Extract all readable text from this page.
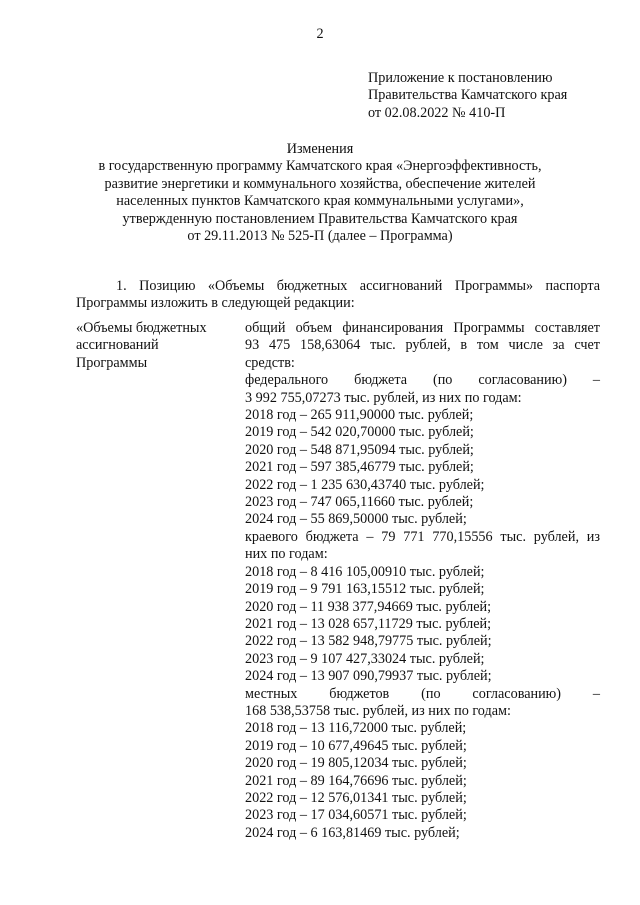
2
Приложение к постановлению
Правительства Камчатского края
от 02.08.2022 № 410-П
Изменения
в государственную программу Камчатского края «Энергоэффективность,
развитие энергетики и коммунального хозяйства, обеспечение жителей
населенных пунктов Камчатского края коммунальными услугами»,
утвержденную постановлением Правительства Камчатского края
от 29.11.2013 № 525-П (далее – Программа)
1. Позицию «Объемы бюджетных ассигнований Программы» паспорта
Программы изложить в следующей редакции:
«Объемы бюджетных
ассигнований
Программы
общий объем финансирования Программы составляет
93 475 158,63064 тыс. рублей, в том числе за счет
средств:
федерального бюджета (по согласованию) –
3 992 755,07273 тыс. рублей, из них по годам:
2018 год – 265 911,90000 тыс. рублей;
2019 год – 542 020,70000 тыс. рублей;
2020 год – 548 871,95094 тыс. рублей;
2021 год – 597 385,46779 тыс. рублей;
2022 год – 1 235 630,43740 тыс. рублей;
2023 год – 747 065,11660 тыс. рублей;
2024 год – 55 869,50000 тыс. рублей;
краевого бюджета – 79 771 770,15556 тыс. рублей, из
них по годам:
2018 год – 8 416 105,00910 тыс. рублей;
2019 год – 9 791 163,15512 тыс. рублей;
2020 год – 11 938 377,94669 тыс. рублей;
2021 год – 13 028 657,11729 тыс. рублей;
2022 год – 13 582 948,79775 тыс. рублей;
2023 год – 9 107 427,33024 тыс. рублей;
2024 год – 13 907 090,79937 тыс. рублей;
местных бюджетов (по согласованию) –
168 538,53758 тыс. рублей, из них по годам:
2018 год – 13 116,72000 тыс. рублей;
2019 год – 10 677,49645 тыс. рублей;
2020 год – 19 805,12034 тыс. рублей;
2021 год – 89 164,76696 тыс. рублей;
2022 год – 12 576,01341 тыс. рублей;
2023 год – 17 034,60571 тыс. рублей;
2024 год – 6 163,81469 тыс. рублей;
